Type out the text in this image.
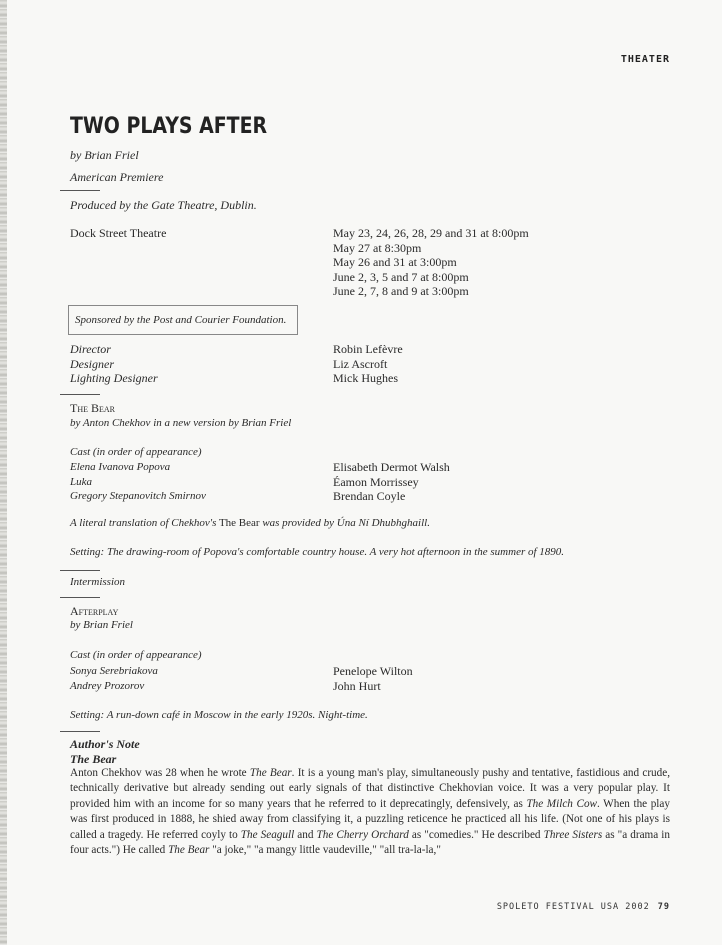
THEATER
TWO PLAYS AFTER
by Brian Friel
American Premiere
Produced by the Gate Theatre, Dublin.
Dock Street Theatre	May 23, 24, 26, 28, 29 and 31 at 8:00pm
May 27 at 8:30pm
May 26 and 31 at 3:00pm
June 2, 3, 5 and 7 at 8:00pm
June 2, 7, 8 and 9 at 3:00pm
Sponsored by the Post and Courier Foundation.
Director
Designer
Lighting Designer
Robin Lefèvre
Liz Ascroft
Mick Hughes
The Bear
by Anton Chekhov in a new version by Brian Friel
Cast (in order of appearance)
Elena Ivanova Popova
Luka
Gregory Stepanovitch Smirnov
Elisabeth Dermot Walsh
Éamon Morrissey
Brendan Coyle
A literal translation of Chekhov's The Bear was provided by Úna Ní Dhubhghaill.
Setting: The drawing-room of Popova's comfortable country house. A very hot afternoon in the summer of 1890.
Intermission
Afterplay
by Brian Friel
Cast (in order of appearance)
Sonya Serebriakova
Andrey Prozorov
Penelope Wilton
John Hurt
Setting: A run-down café in Moscow in the early 1920s. Night-time.
Author's Note
The Bear
Anton Chekhov was 28 when he wrote The Bear. It is a young man's play, simultaneously pushy and tentative, fastidious and crude, technically derivative but already sending out early signals of that distinctive Chekhovian voice. It was a very popular play. It provided him with an income for so many years that he referred to it deprecatingly, defensively, as The Milch Cow. When the play was first produced in 1888, he shied away from classifying it, a puzzling reticence he practiced all his life. (Not one of his plays is called a tragedy. He referred coyly to The Seagull and The Cherry Orchard as "comedies." He described Three Sisters as "a drama in four acts.") He called The Bear "a joke," "a mangy little vaudeville," "all tra-la-la,"
SPOLETO FESTIVAL USA 2002 79
